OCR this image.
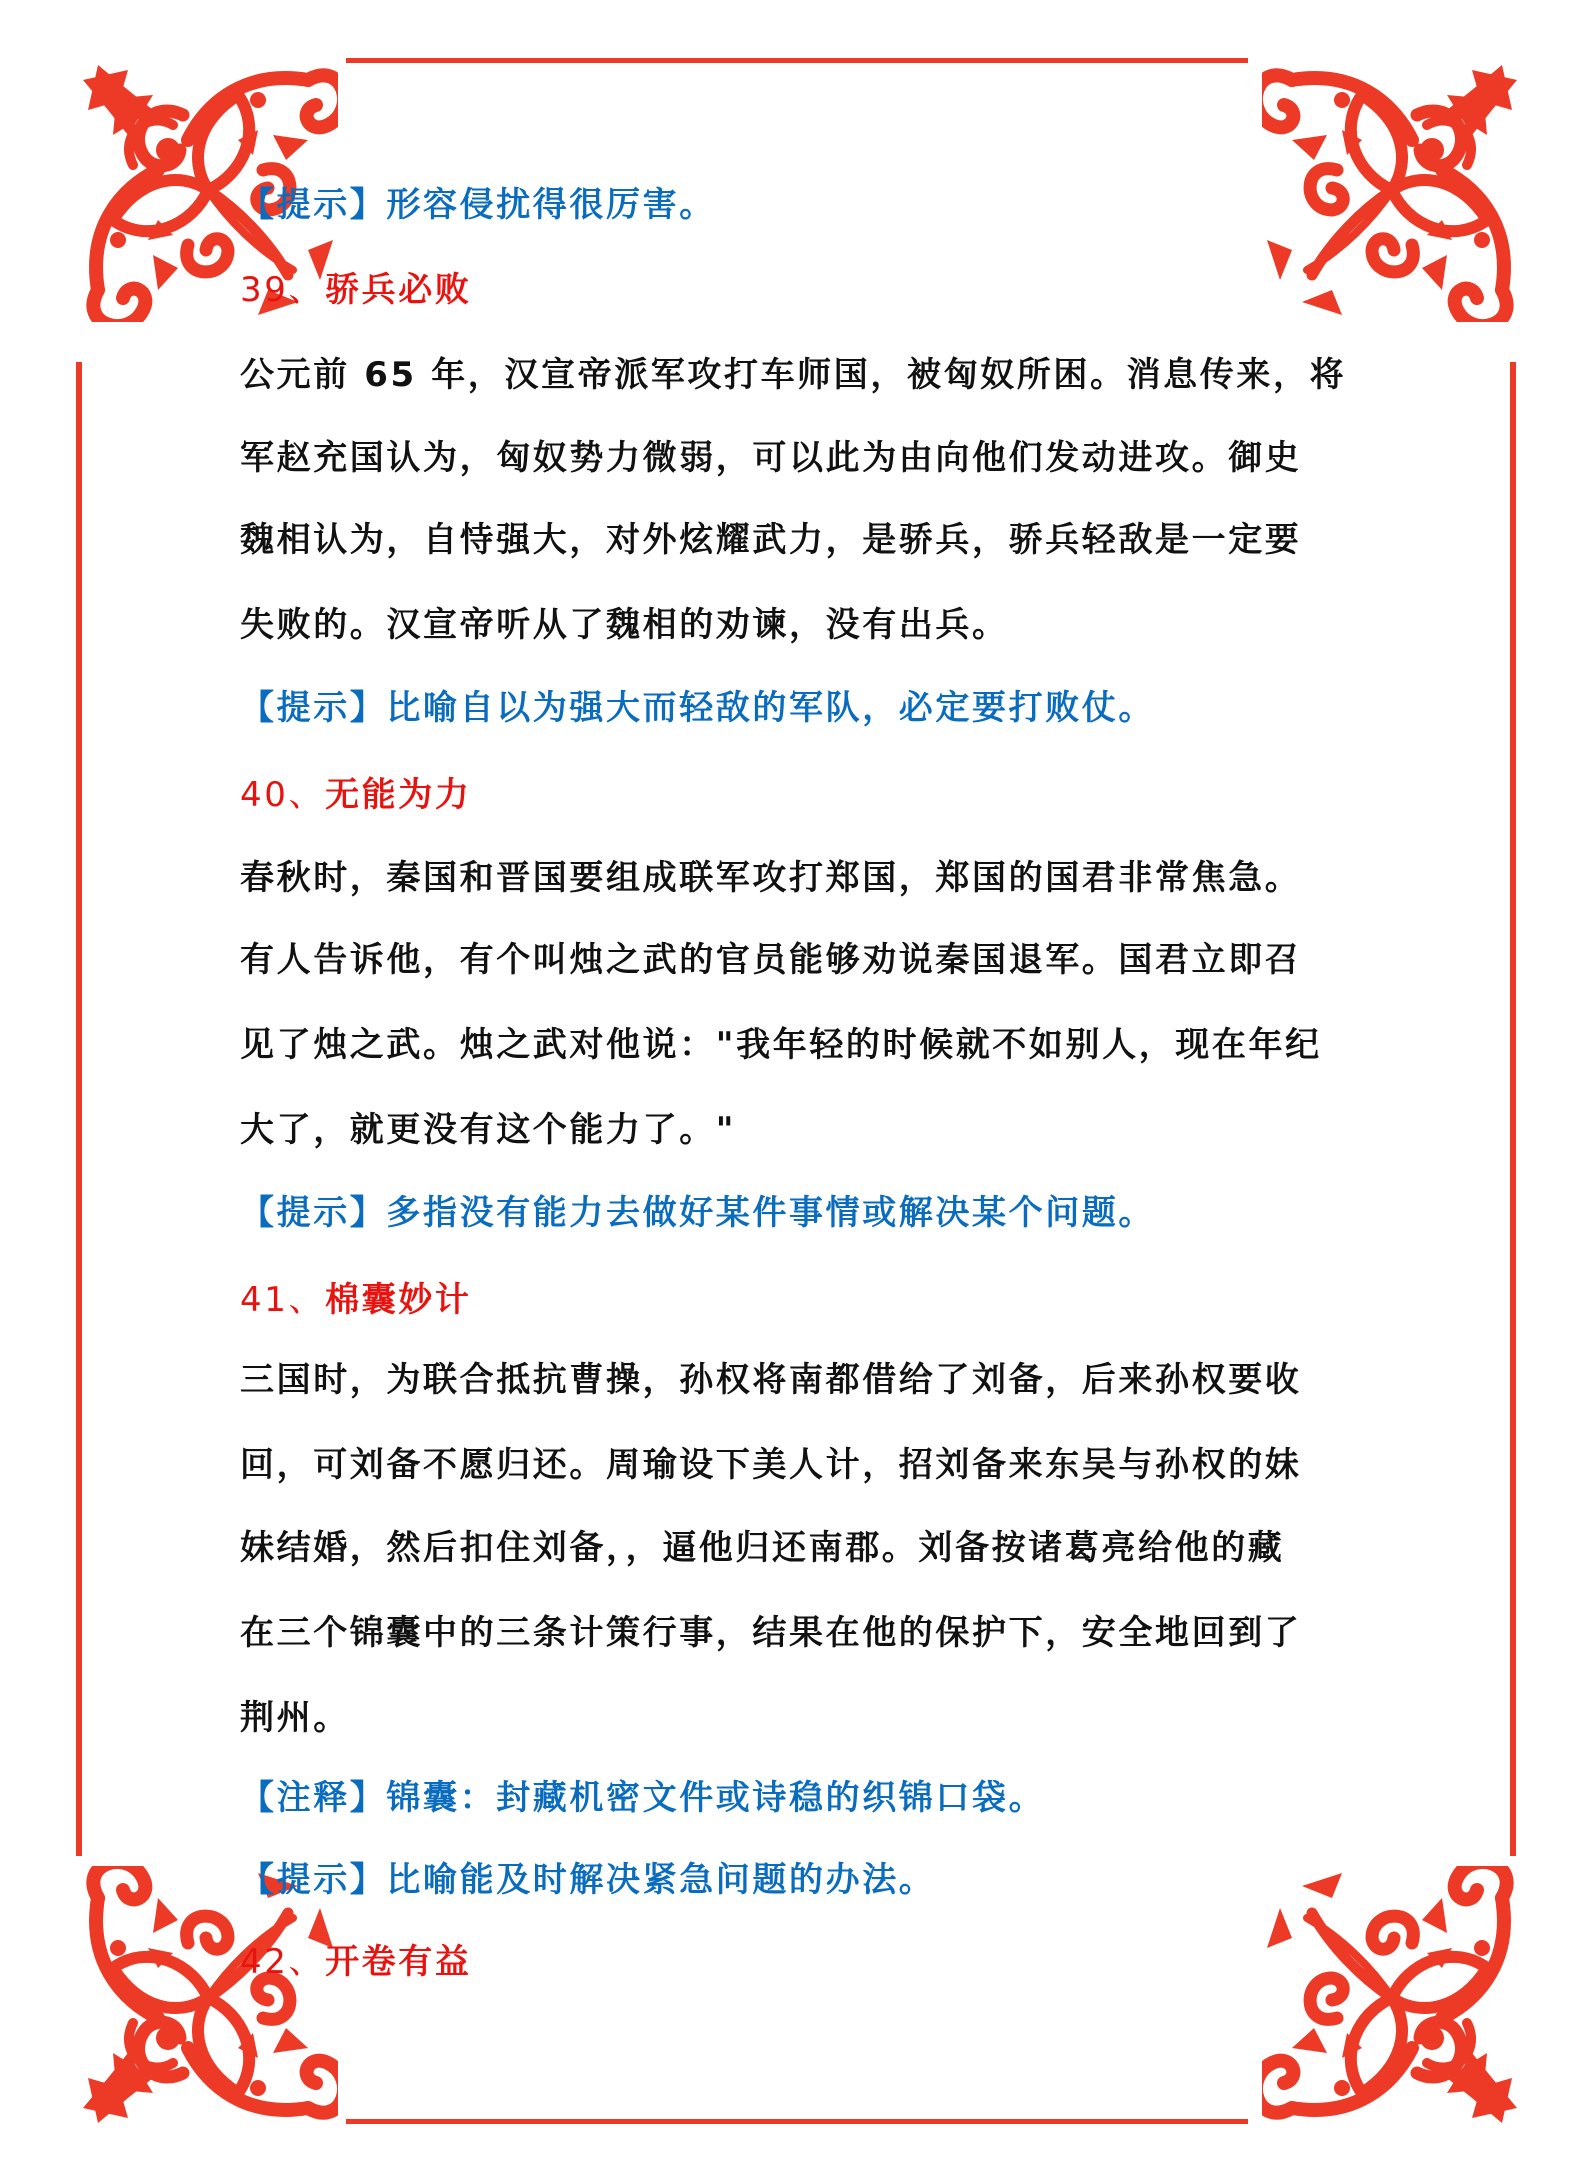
【提示】形容侵扰得很厉害。
39、骄兵必败
公元前 65 年，汉宣帝派军攻打车师国，被匈奴所困。消息传来，将
军赵充国认为，匈奴势力微弱，可以此为由向他们发动进攻。御史
魏相认为，自恃强大，对外炫耀武力，是骄兵，骄兵轻敌是一定要
失败的。汉宣帝听从了魏相的劝谏，没有出兵。
【提示】比喻自以为强大而轻敌的军队，必定要打败仗。
40、无能为力
春秋时，秦国和晋国要组成联军攻打郑国，郑国的国君非常焦急。
有人告诉他，有个叫烛之武的官员能够劝说秦国退军。国君立即召
见了烛之武。烛之武对他说："我年轻的时候就不如别人，现在年纪
大了，就更没有这个能力了。"
【提示】多指没有能力去做好某件事情或解决某个问题。
41、棉囊妙计
三国时，为联合抵抗曹操，孙权将南都借给了刘备，后来孙权要收
回，可刘备不愿归还。周瑜设下美人计，招刘备来东吴与孙权的妹
妹结婚，然后扣住刘备，，逼他归还南郡。刘备按诸葛亮给他的藏
在三个锦囊中的三条计策行事，结果在他的保护下，安全地回到了
荆州。
【注释】锦囊：封藏机密文件或诗稳的织锦口袋。
【提示】比喻能及时解决紧急问题的办法。
42、开卷有益
